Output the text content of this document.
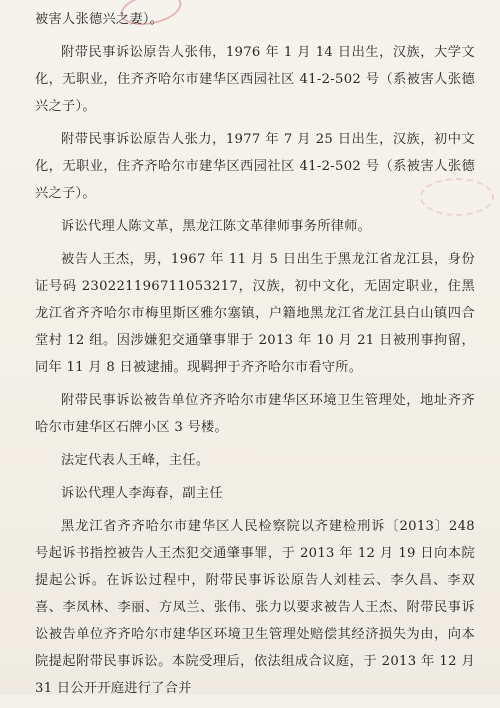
被害人张德兴之妻）。

附带民事诉讼原告人张伟，1976 年 1 月 14 日出生，汉族，大学文化，无职业，住齐齐哈尔市建华区西园社区 41-2-502 号（系被害人张德兴之子）。

附带民事诉讼原告人张力，1977 年 7 月 25 日出生，汉族，初中文化，无职业，住齐齐哈尔市建华区西园社区 41-2-502 号（系被害人张德兴之子）。

诉讼代理人陈文革，黑龙江陈文革律师事务所律师。

被告人王杰，男，1967 年 11 月 5 日出生于黑龙江省龙江县，身份证号码 230221196711053217，汉族，初中文化，无固定职业，住黑龙江省齐齐哈尔市梅里斯区雅尔塞镇，户籍地黑龙江省龙江县白山镇四合堂村 12 组。因涉嫌犯交通肇事罪于 2013 年 10 月 21 日被刑事拘留，同年 11 月 8 日被逮捕。现羁押于齐齐哈尔市看守所。

附带民事诉讼被告单位齐齐哈尔市建华区环境卫生管理处，地址齐齐哈尔市建华区石牌小区 3 号楼。

法定代表人王峰，主任。

诉讼代理人李海春，副主任

黑龙江省齐齐哈尔市建华区人民检察院以齐建检刑诉〔2013〕248 号起诉书指控被告人王杰犯交通肇事罪，于 2013 年 12 月 19 日向本院提起公诉。在诉讼过程中，附带民事诉讼原告人刘桂云、李久昌、李双喜、李凤林、李丽、方凤兰、张伟、张力以要求被告人王杰、附带民事诉讼被告单位齐齐哈尔市建华区环境卫生管理处赔偿其经济损失为由，向本院提起附带民事诉讼。本院受理后，依法组成合议庭，于 2013 年 12 月 31 日公开开庭进行了合并
